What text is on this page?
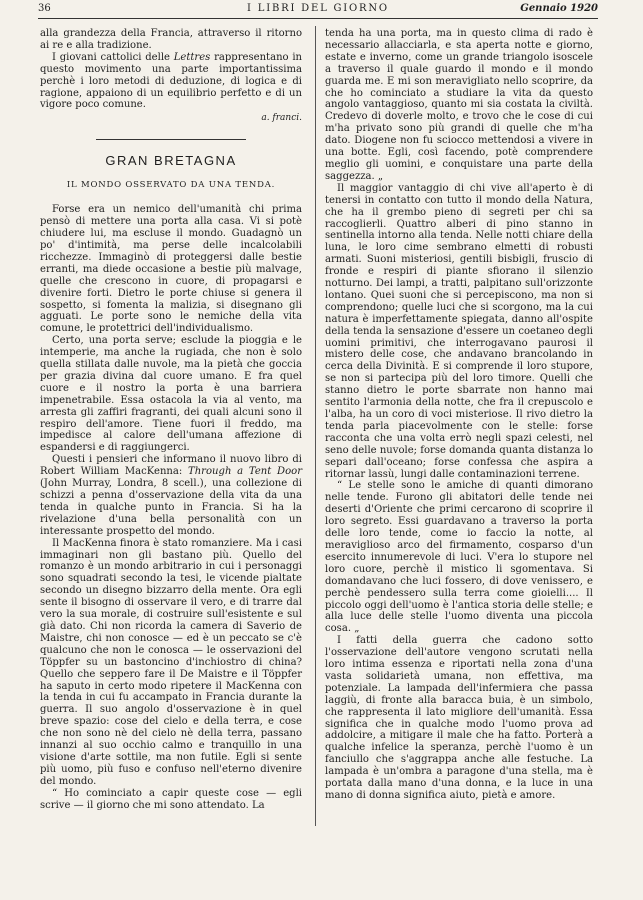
36	I LIBRI DEL GIORNO	Gennaio 1920

alla grandezza della Francia, attraverso il ritorno ai re e alla tradizione.

I giovani cattolici delle Lettres rappresentano in questo movimento una parte importantissima perchè i loro metodi di deduzione, di logica e di ragione, appaiono di un equilibrio perfetto e di un vigore poco comune.

a. franci.

GRAN BRETAGNA
IL MONDO OSSERVATO DA UNA TENDA.

Forse era un nemico dell'umanità chi prima pensò di mettere una porta alla casa. Vi si potè chiudere lui, ma escluse il mondo. Guadagnò un po' d'intimità, ma perse delle incalcolabili ricchezze. Immaginò di proteggersi dalle bestie erranti, ma diede occasione a bestie più malvage, quelle che crescono in cuore, di propagarsi e divenire forti. Dietro le porte chiuse si genera il sospetto, si fomenta la malizia, si disegnano gli agguati. Le porte sono le nemiche della vita comune, le protettrici dell'individualismo.

Certo, una porta serve; esclude la pioggia e le intemperie, ma anche la rugiada, che non è solo quella stillata dalle nuvole, ma la pietà che goccia per grazia divina dal cuore umano. E fra quel cuore e il nostro la porta è una barriera impenetrabile. Essa ostacola la via al vento, ma arresta gli zaffiri fragranti, dei quali alcuni sono il respiro dell'amore. Tiene fuori il freddo, ma impedisce al calore dell'umana affezione di espandersi e di raggiungerci.

Questi i pensieri che informano il nuovo libro di Robert William MacKenna: Through a Tent Door (John Murray, Londra, 8 scell.), una collezione di schizzi a penna d'osservazione della vita da una tenda in qualche punto in Francia. Si ha la rivelazione d'una bella personalità con un interessante prospetto del mondo.

Il MacKenna finora è stato romanziere. Ma i casi immaginari non gli bastano più. Quello del romanzo è un mondo arbitrario in cui i personaggi sono squadrati secondo la tesi, le vicende pialtate secondo un disegno bizzarro della mente. Ora egli sente il bisogno di osservare il vero, e di trarre dal vero la sua morale, di costruire sull'esistente e sul già dato. Chi non ricorda la camera di Saverio de Maistre, chi non conosce — ed è un peccato se c'è qualcuno che non le conosca — le osservazioni del Töppfer su un bastoncino d'inchiostro di china? Quello che seppero fare il De Maistre e il Töppfer ha saputo in certo modo ripetere il MacKenna con la tenda in cui fu accampato in Francia durante la guerra. Il suo angolo d'osservazione è in quel breve spazio: cose del cielo e della terra, e cose che non sono nè del cielo nè della terra, passano innanzi al suo occhio calmo e tranquillo in una visione d'arte sottile, ma non futile. Egli si sente più uomo, più fuso e confuso nell'eterno divenire del mondo.

“ Ho cominciato a capir queste cose — egli scrive — il giorno che mi sono attendato. La

tenda ha una porta, ma in questo clima di rado è necessario allacciarla, e sta aperta notte e giorno, estate e inverno, come un grande triangolo isoscele a traverso il quale guardo il mondo e il mondo guarda me. E mi son meravigliato nello scoprire, da che ho cominciato a studiare la vita da questo angolo vantaggioso, quanto mi sia costata la civiltà. Credevo di doverle molto, e trovo che le cose di cui m'ha privato sono più grandi di quelle che m'ha dato. Diogene non fu sciocco mettendosi a vivere in una botte. Egli, così facendo, potè comprendere meglio gli uomini, e conquistare una parte della saggezza. „

Il maggior vantaggio di chi vive all'aperto è di tenersi in contatto con tutto il mondo della Natura, che ha il grembo pieno di segreti per chi sa raccoglierli. Quattro alberi di pino stanno in sentinella intorno alla tenda. Nelle notti chiare della luna, le loro cime sembrano elmetti di robusti armati. Suoni misteriosi, gentili bisbigli, fruscio di fronde e respiri di piante sfiorano il silenzio notturno. Dei lampi, a tratti, palpitano sull'orizzonte lontano. Quei suoni che si percepiscono, ma non si comprendono; quelle luci che si scorgono, ma la cui natura è imperfettamente spiegata, danno all'ospite della tenda la sensazione d'essere un coetaneo degli uomini primitivi, che interrogavano paurosi il mistero delle cose, che andavano brancolando in cerca della Divinità. E si comprende il loro stupore, se non si partecipa più del loro timore. Quelli che stanno dietro le porte sbarrate non hanno mai sentito l'armonia della notte, che fra il crepuscolo e l'alba, ha un coro di voci misteriose. Il rivo dietro la tenda parla piacevolmente con le stelle: forse racconta che una volta errò negli spazi celesti, nel seno delle nuvole; forse domanda quanta distanza lo separi dall'oceano; forse confessa che aspira a ritornar lassù, lungi dalle contaminazioni terrene.

“ Le stelle sono le amiche di quanti dimorano nelle tende. Furono gli abitatori delle tende nei deserti d'Oriente che primi cercarono di scoprire il loro segreto. Essi guardavano a traverso la porta delle loro tende, come io faccio la notte, al meraviglioso arco del firmamento, cosparso d'un esercito innumerevole di luci. V'era lo stupore nel loro cuore, perchè il mistico li sgomentava. Si domandavano che luci fossero, di dove venissero, e perchè pendessero sulla terra come gioielli.... Il piccolo oggi dell'uomo è l'antica storia delle stelle; e alla luce delle stelle l'uomo diventa una piccola cosa. „

I fatti della guerra che cadono sotto l'osservazione dell'autore vengono scrutati nella loro intima essenza e riportati nella zona d'una vasta solidarietà umana, non effettiva, ma potenziale. La lampada dell'infermiera che passa laggiù, di fronte alla baracca buia, è un simbolo, che rappresenta il lato migliore dell'umanità. Essa significa che in qualche modo l'uomo prova ad addolcire, a mitigare il male che ha fatto. Porterà a qualche infelice la speranza, perchè l'uomo è un fanciullo che s'aggrappa anche alle festuche. La lampada è un'ombra a paragone d'una stella, ma è portata dalla mano d'una donna, e la luce in una mano di donna significa aiuto, pietà e amore.
